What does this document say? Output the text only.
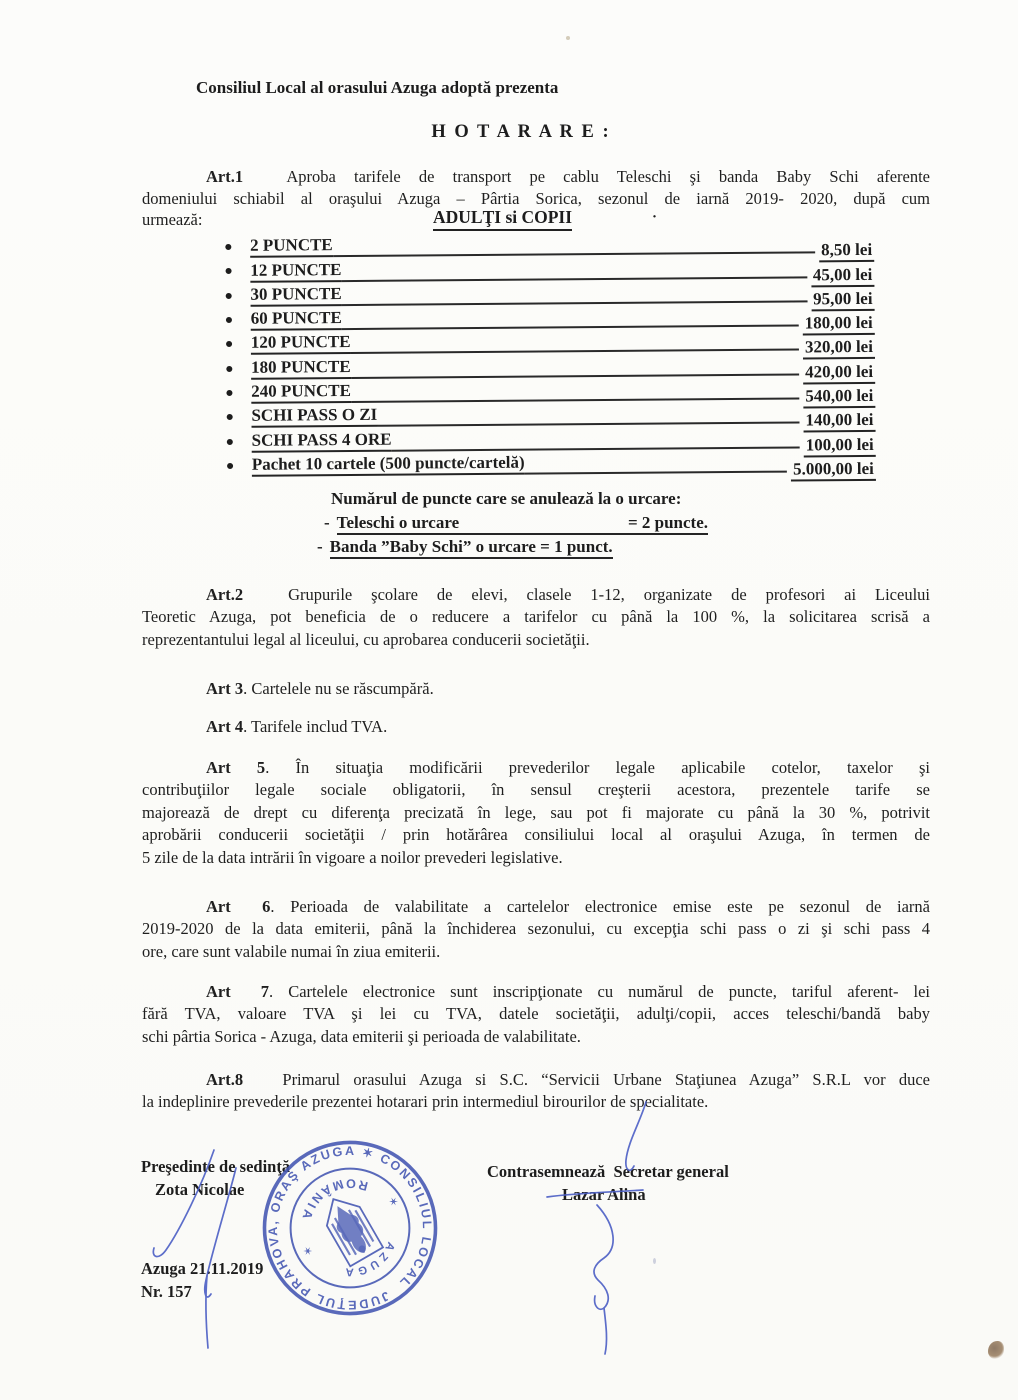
Consiliul Local al orasului Azuga adoptă prezenta
H O T A R A R E :
Art.1	Aproba tarifele de transport pe cablu Teleschi şi banda Baby Schi aferente
domeniului schiabil al oraşului Azuga – Pârtia Sorica, sezonul de iarnă 2019- 2020, după cum
urmează:	ADULŢI si COPII	·
●	2 PUNCTE	8,50 lei
●	12 PUNCTE	45,00 lei
●	30 PUNCTE	95,00 lei
●	60 PUNCTE	180,00 lei
●	120 PUNCTE	320,00 lei
●	180 PUNCTE	420,00 lei
●	240 PUNCTE	540,00 lei
●	SCHI PASS O ZI	140,00 lei
●	SCHI PASS 4 ORE	100,00 lei
●	Pachet 10 cartele (500 puncte/cartelă)	5.000,00 lei
Numărul de puncte care se anulează la o urcare:
- Teleschi o urcare	= 2 puncte.
- Banda ”Baby Schi” o urcare = 1 punct.
Art.2	Grupurile şcolare de elevi, clasele 1-12, organizate de profesori ai Liceului
Teoretic Azuga, pot beneficia de o reducere a tarifelor cu până la 100 %, la solicitarea scrisă a
reprezentantului legal al liceului, cu aprobarea conducerii societăţii.
Art 3. Cartelele nu se răscumpără.
Art 4. Tarifele includ TVA.
Art 5. În situaţia modificării prevederilor legale aplicabile cotelor, taxelor şi
contribuţiilor legale sociale obligatorii, în sensul creşterii acestora, prezentele tarife se
majorează de drept cu diferenţa precizată în lege, sau pot fi majorate cu până la 30 %, potrivit
aprobării conducerii societăţii / prin hotărârea consiliului local al oraşului Azuga, în termen de
5 zile de la data intrării în vigoare a noilor prevederi legislative.
Art  6. Perioada de valabilitate a cartelelor electronice emise este pe sezonul de iarnă
2019-2020 de la data emiterii, până la închiderea sezonului, cu excepţia schi pass o zi şi schi pass 4
ore, care sunt valabile numai în ziua emiterii.
Art  7. Cartelele electronice sunt inscripţionate cu numărul de puncte, tariful aferent- lei
fără TVA, valoare TVA şi lei cu TVA, datele societăţii, adulţi/copii, acces teleschi/bandă baby
schi pârtia Sorica - Azuga, data emiterii şi perioada de valabilitate.
Art.8 Primarul orasului Azuga si S.C. “Servicii Urbane Staţiunea Azuga” S.R.L vor duce
la indeplinire prevederile prezentei hotarari prin intermediul birourilor de specialitate.
Preşedinte de sedinţă
Zota Nicolae
Contrasemnează  Secretar general
Lazar Alina
Azuga 21.11.2019
Nr. 157	JUDEŢUL PRAHOVA, ORAŞ AZUGA ✶ CONSILIUL LOCAL
AZUGA
ROMÂNIA
✶
✶
